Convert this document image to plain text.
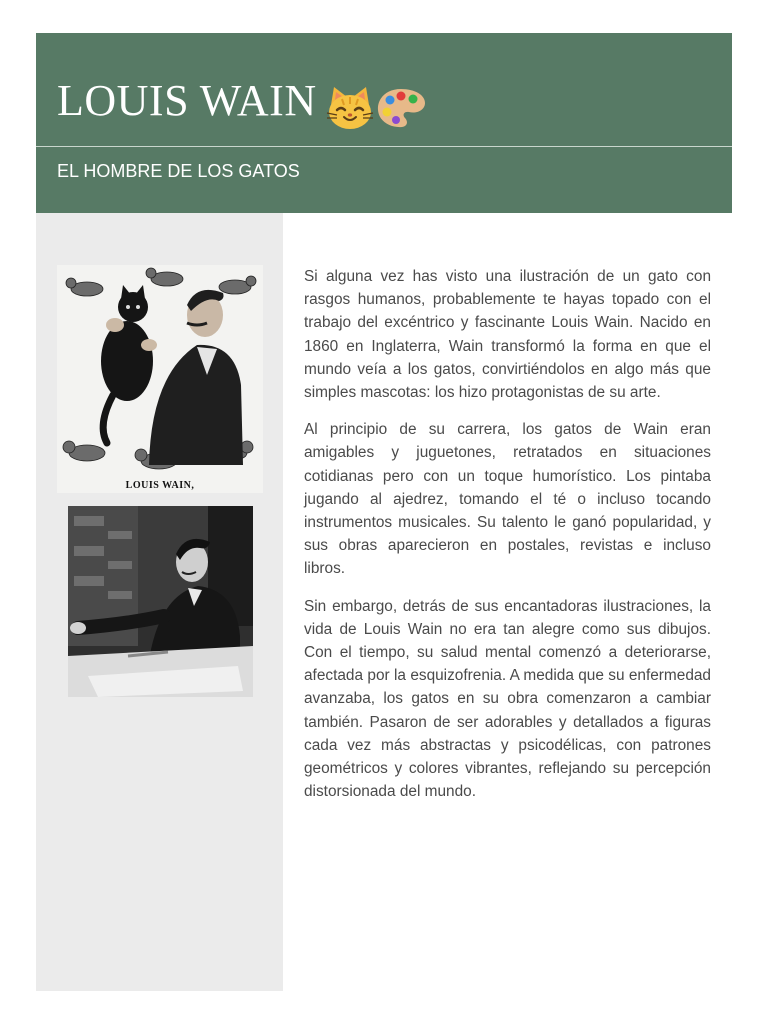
LOUIS WAIN
EL HOMBRE DE LOS GATOS
LOUIS WAIN,

Si alguna vez has visto una ilustración de un gato con rasgos humanos, probablemente te hayas topado con el trabajo del excéntrico y fascinante Louis Wain. Nacido en 1860 en Inglaterra, Wain transformó la forma en que el mundo veía a los gatos, convirtiéndolos en algo más que simples mascotas: los hizo protagonistas de su arte.

Al principio de su carrera, los gatos de Wain eran amigables y juguetones, retratados en situaciones cotidianas pero con un toque humorístico. Los pintaba jugando al ajedrez, tomando el té o incluso tocando instrumentos musicales. Su talento le ganó popularidad, y sus obras aparecieron en postales, revistas e incluso libros.

Sin embargo, detrás de sus encantadoras ilustraciones, la vida de Louis Wain no era tan alegre como sus dibujos. Con el tiempo, su salud mental comenzó a deteriorarse, afectada por la esquizofrenia. A medida que su enfermedad avanzaba, los gatos en su obra comenzaron a cambiar también. Pasaron de ser adorables y detallados a figuras cada vez más abstractas y psicodélicas, con patrones geométricos y colores vibrantes, reflejando su percepción distorsionada del mundo.
